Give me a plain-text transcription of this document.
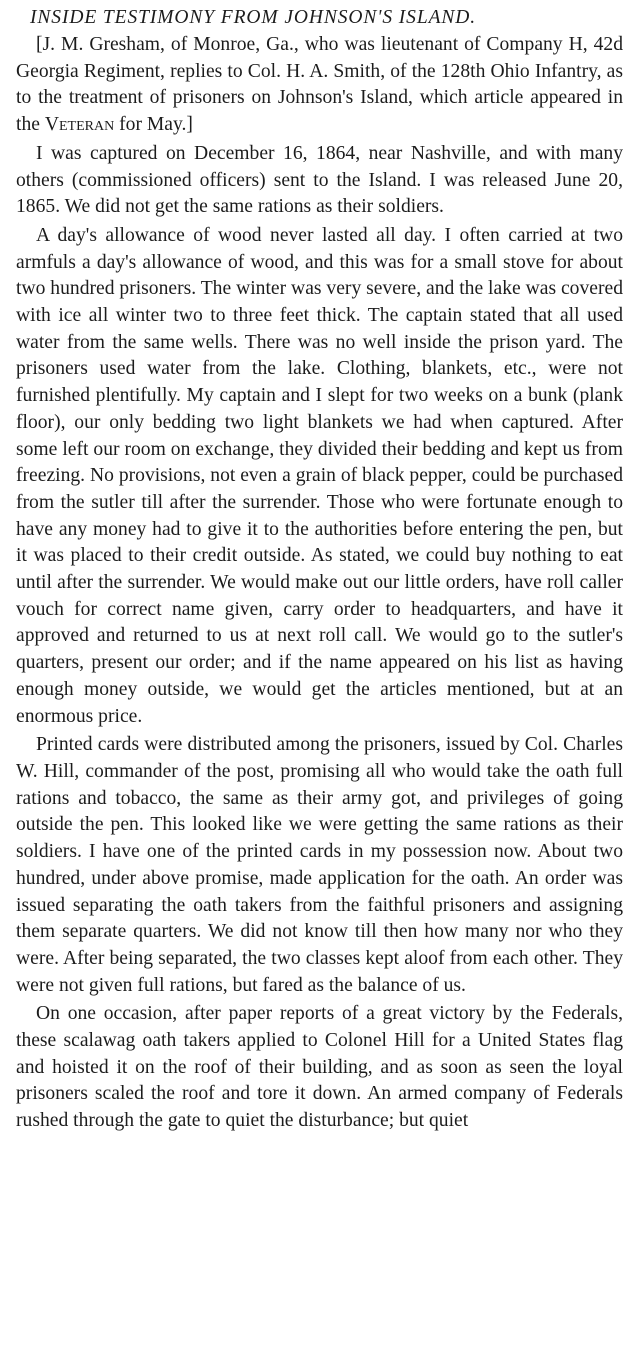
INSIDE TESTIMONY FROM JOHNSON'S ISLAND.

[J. M. Gresham, of Monroe, Ga., who was lieutenant of Company H, 42d Georgia Regiment, replies to Col. H. A. Smith, of the 128th Ohio Infantry, as to the treatment of prisoners on Johnson's Island, which article appeared in the Veteran for May.]

I was captured on December 16, 1864, near Nashville, and with many others (commissioned officers) sent to the Island. I was released June 20, 1865. We did not get the same rations as their soldiers.

A day's allowance of wood never lasted all day. I often carried at two armfuls a day's allowance of wood, and this was for a small stove for about two hundred prisoners. The winter was very severe, and the lake was covered with ice all winter two to three feet thick. The captain stated that all used water from the same wells. There was no well inside the prison yard. The prisoners used water from the lake. Clothing, blankets, etc., were not furnished plentifully. My captain and I slept for two weeks on a bunk (plank floor), our only bedding two light blankets we had when captured. After some left our room on exchange, they divided their bedding and kept us from freezing. No provisions, not even a grain of black pepper, could be purchased from the sutler till after the surrender. Those who were fortunate enough to have any money had to give it to the authorities before entering the pen, but it was placed to their credit outside. As stated, we could buy nothing to eat until after the surrender. We would make out our little orders, have roll caller vouch for correct name given, carry order to headquarters, and have it approved and returned to us at next roll call. We would go to the sutler's quarters, present our order; and if the name appeared on his list as having enough money outside, we would get the articles mentioned, but at an enormous price.

Printed cards were distributed among the prisoners, issued by Col. Charles W. Hill, commander of the post, promising all who would take the oath full rations and tobacco, the same as their army got, and privileges of going outside the pen. This looked like we were getting the same rations as their soldiers. I have one of the printed cards in my possession now. About two hundred, under above promise, made application for the oath. An order was issued separating the oath takers from the faithful prisoners and assigning them separate quarters. We did not know till then how many nor who they were. After being separated, the two classes kept aloof from each other. They were not given full rations, but fared as the balance of us.

On one occasion, after paper reports of a great victory by the Federals, these scalawag oath takers applied to Colonel Hill for a United States flag and hoisted it on the roof of their building, and as soon as seen the loyal prisoners scaled the roof and tore it down. An armed company of Federals rushed through the gate to quiet the disturbance; but quiet
